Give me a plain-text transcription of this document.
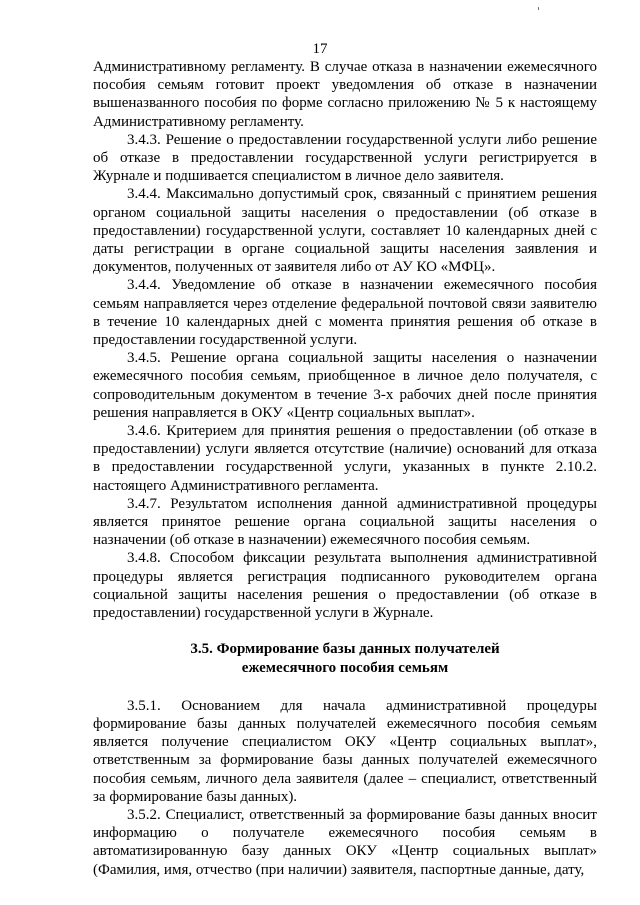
17

Административному регламенту. В случае отказа в назначении ежемесячного пособия семьям готовит проект уведомления об отказе в назначении вышеназванного пособия по форме согласно приложению № 5 к настоящему Административному регламенту.

3.4.3. Решение о предоставлении государственной услуги либо решение об отказе в предоставлении государственной услуги регистрируется в Журнале и подшивается специалистом в личное дело заявителя.

3.4.4. Максимально допустимый срок, связанный с принятием решения органом социальной защиты населения о предоставлении (об отказе в предоставлении) государственной услуги, составляет 10 календарных дней с даты регистрации в органе социальной защиты населения заявления и документов, полученных от заявителя либо от АУ КО «МФЦ».

3.4.4. Уведомление об отказе в назначении ежемесячного пособия семьям направляется через отделение федеральной почтовой связи заявителю в течение 10 календарных дней с момента принятия решения об отказе в предоставлении государственной услуги.

3.4.5. Решение органа социальной защиты населения о назначении ежемесячного пособия семьям, приобщенное в личное дело получателя, с сопроводительным документом в течение 3-х рабочих дней после принятия решения направляется в ОКУ «Центр социальных выплат».

3.4.6. Критерием для принятия решения о предоставлении (об отказе в предоставлении) услуги является отсутствие (наличие) оснований для отказа в предоставлении государственной услуги, указанных в пункте 2.10.2. настоящего Административного регламента.

3.4.7. Результатом исполнения данной административной процедуры является принятое решение органа социальной защиты населения о назначении (об отказе в назначении) ежемесячного пособия семьям.

3.4.8. Способом фиксации результата выполнения административной процедуры является регистрация подписанного руководителем органа социальной защиты населения решения о предоставлении (об отказе в предоставлении) государственной услуги в Журнале.

3.5. Формирование базы данных получателей
ежемесячного пособия семьям

3.5.1. Основанием для начала административной процедуры формирование базы данных получателей ежемесячного пособия семьям является получение специалистом ОКУ «Центр социальных выплат», ответственным за формирование базы данных получателей ежемесячного пособия семьям, личного дела заявителя (далее – специалист, ответственный за формирование базы данных).

3.5.2. Специалист, ответственный за формирование базы данных вносит информацию о получателе ежемесячного пособия семьям в автоматизированную базу данных ОКУ «Центр социальных выплат» (Фамилия, имя, отчество (при наличии) заявителя, паспортные данные, дату,
